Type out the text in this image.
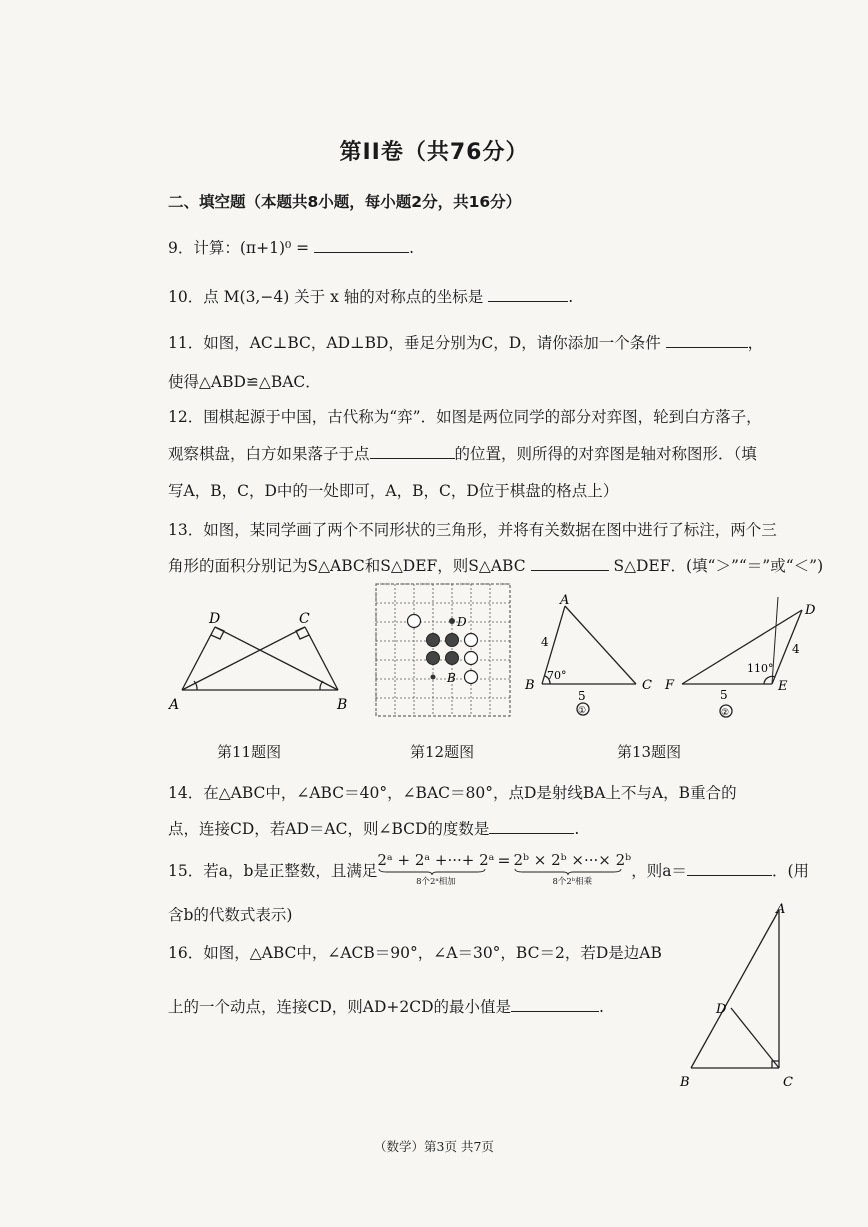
第II卷（共76分）
二、填空题（本题共8小题，每小题2分，共16分）
9．计算：(π+1)⁰ =	.
10．点 M(3,−4) 关于 x 轴的对称点的坐标是	.
11．如图，AC⊥BC，AD⊥BD，垂足分别为C，D，请你添加一个条件	，
使得△ABD≌△BAC．
12．围棋起源于中国，古代称为“弈”．如图是两位同学的部分对弈图，轮到白方落子，
观察棋盘，白方如果落子于点	的位置，则所得的对弈图是轴对称图形．（填
写A，B，C，D中的一处即可，A，B，C，D位于棋盘的格点上）
13．如图，某同学画了两个不同形状的三角形，并将有关数据在图中进行了标注，两个三
角形的面积分别记为S△ABC和S△DEF，则S△ABC	S△DEF．(填“＞”“＝”或“＜”)
D	C
A	B
第11题图
D
B
第12题图
A
B	C
4
70°
5
①
D
F	E
110°
4
5
②
第13题图
14．在△ABC中，∠ABC＝40°，∠BAC＝80°，点D是射线BA上不与A，B重合的
点，连接CD，若AD＝AC，则∠BCD的度数是	.
15．若a，b是正整数，且满足
2ᵃ + 2ᵃ +···+ 2ᵃ
8个2ᵃ相加
= 2ᵇ × 2ᵇ ×···× 2ᵇ
8个2ᵇ相乘
，则a＝	．(用
含b的代数式表示)
16．如图，△ABC中，∠ACB＝90°，∠A＝30°，BC＝2，若D是边AB
上的一个动点，连接CD，则AD+2CD的最小值是	.
A
D
B	C
（数学）第3页 共7页
